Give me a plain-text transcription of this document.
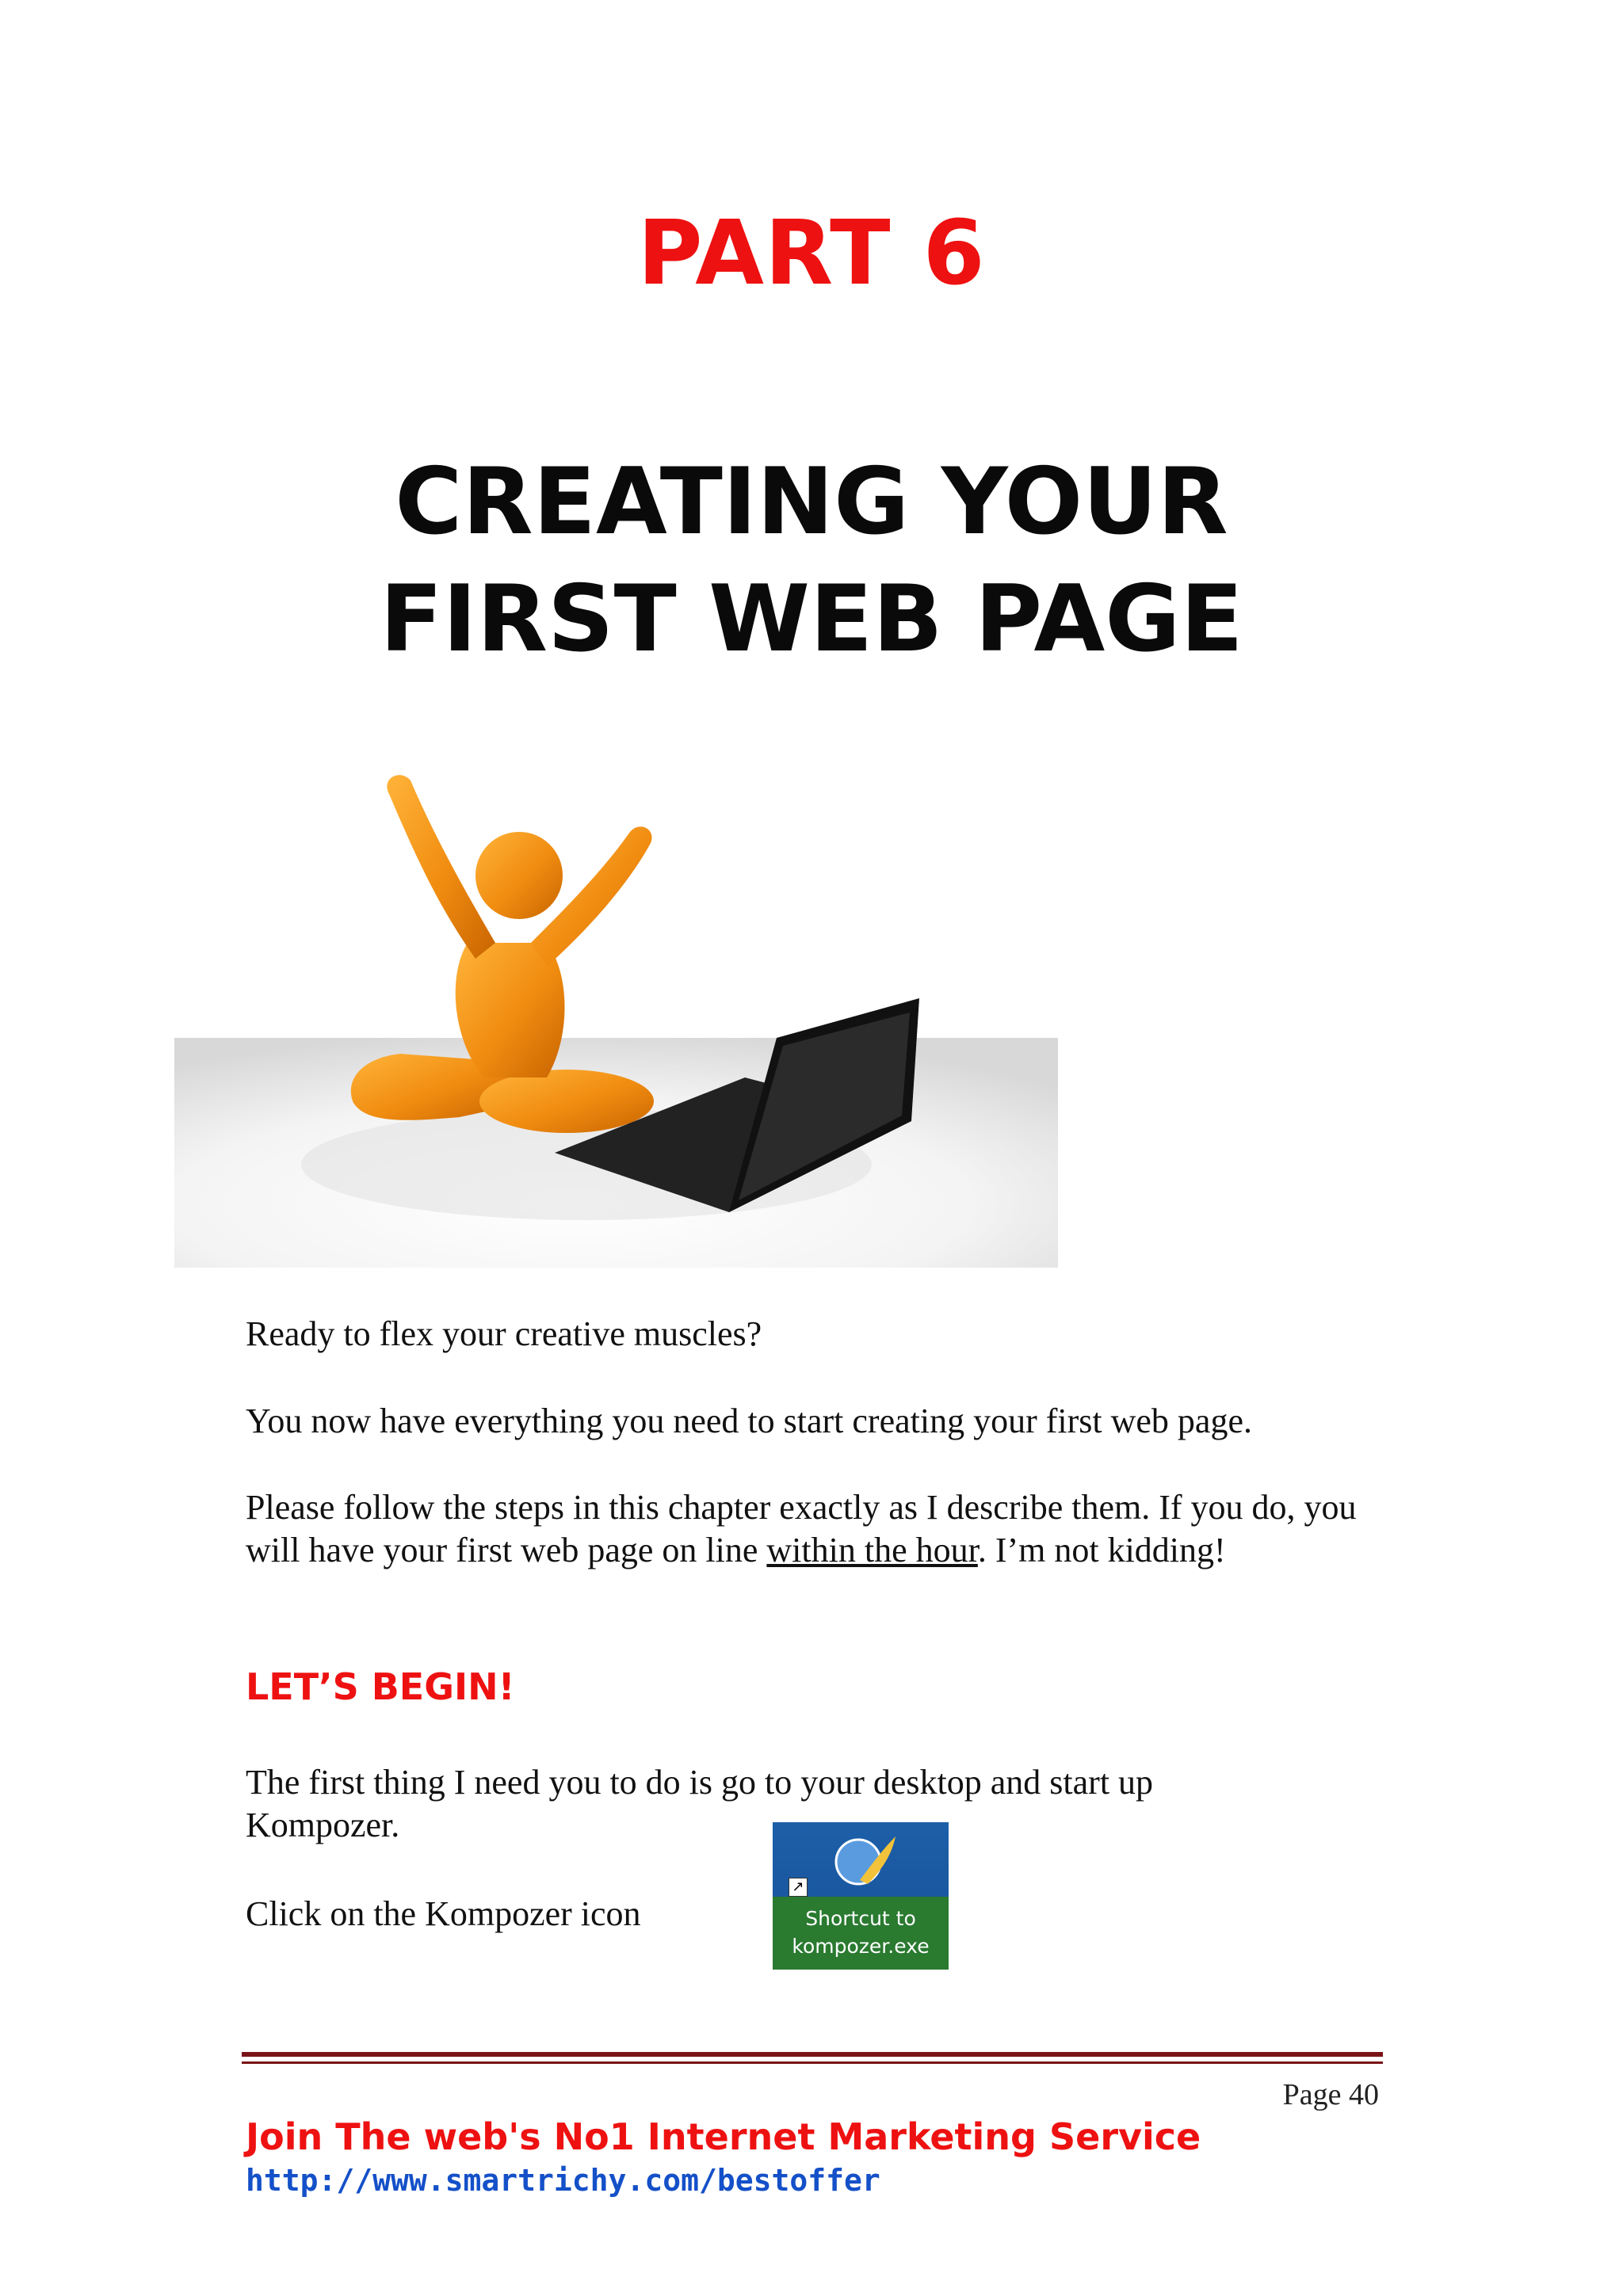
PART 6
CREATING YOUR
FIRST WEB PAGE

Ready to flex your creative muscles?

You now have everything you need to start creating your first web page.

Please follow the steps in this chapter exactly as I describe them. If you do, you will have your first web page on line within the hour. I’m not kidding!

LET’S BEGIN!

The first thing I need you to do is go to your desktop and start up Kompozer.

Click on the Kompozer icon

↗
Shortcut to
kompozer.exe

Page 40

Join The web's No1 Internet Marketing Service

http://www.smartrichy.com/bestoffer
